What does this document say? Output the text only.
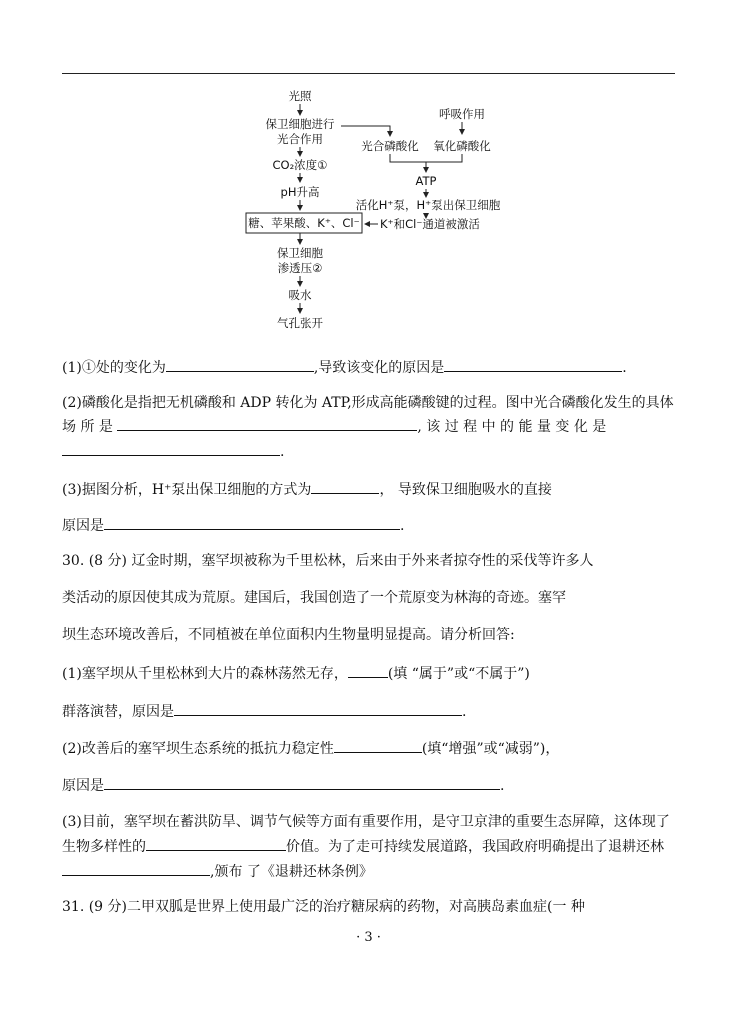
光照
保卫细胞进行
光合作用
CO₂浓度①
pH升高
糖、苹果酸、K⁺、Cl⁻
保卫细胞
渗透压②
吸水
气孔张开
呼吸作用
光合磷酸化 氧化磷酸化
ATP
活化H⁺泵，H⁺泵出保卫细胞
K⁺和Cl⁻通道被激活
(1)①处的变化为	,导致该变化的原因是	.
(2)磷酸化是指把无机磷酸和 ADP 转化为 ATP,形成高能磷酸键的过程。图中光合磷酸化发生的具体
场 所 是	, 该 过 程 中 的 能 量 变 化 是
.
(3)据图分析，H⁺泵出保卫细胞的方式为	， 导致保卫细胞吸水的直接
原因是	.
30. (8 分) 辽金时期，塞罕坝被称为千里松林，后来由于外来者掠夺性的采伐等许多人
类活动的原因使其成为荒原。建国后，我国创造了一个荒原变为林海的奇迹。塞罕
坝生态环境改善后，不同植被在单位面积内生物量明显提高。请分析回答:
(1)塞罕坝从千里松林到大片的森林荡然无存，	(填 “属于”或“不属于”)
群落演替，原因是	.
(2)改善后的塞罕坝生态系统的抵抗力稳定性	(填“增强”或“减弱”)，
原因是	.
(3)目前，塞罕坝在蓄洪防旱、调节气候等方面有重要作用，是守卫京津的重要生态屏障，这体现了
生物多样性的	价值。为了走可持续发展道路，我国政府明确提出了退耕还林
,颁布 了《退耕还林条例》
31. (9 分)二甲双胍是世界上使用最广泛的治疗糖尿病的药物，对高胰岛素血症(一 种
· 3 ·
